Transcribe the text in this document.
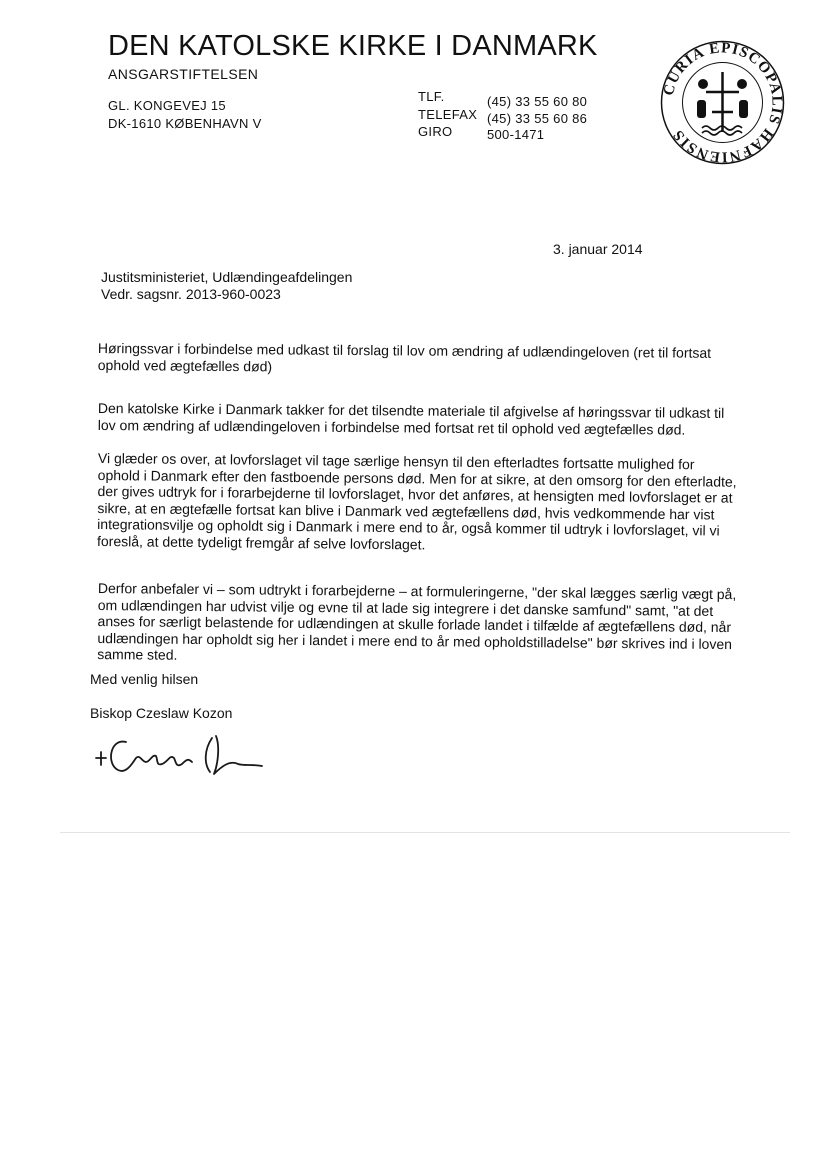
DEN KATOLSKE KIRKE I DANMARK
ANSGARSTIFTELSEN
GL. KONGEVEJ 15
DK-1610 KØBENHAVN V
TLF.	(45) 33 55 60 80
TELEFAX (45) 33 55 60 86
GIRO	500-1471
CURIA EPISCOPALIS HAFNIENSIS
3. januar 2014
Justitsministeriet, Udlændingeafdelingen
Vedr. sagsnr. 2013-960-0023
Høringssvar i forbindelse med udkast til forslag til lov om ændring af udlændingeloven (ret til fortsat ophold ved ægtefælles død)
Den katolske Kirke i Danmark takker for det tilsendte materiale til afgivelse af høringssvar til udkast til lov om ændring af udlændingeloven i forbindelse med fortsat ret til ophold ved ægtefælles død.
Vi glæder os over, at lovforslaget vil tage særlige hensyn til den efterladtes fortsatte mulighed for ophold i Danmark efter den fastboende persons død. Men for at sikre, at den omsorg for den efterladte, der gives udtryk for i forarbejderne til lovforslaget, hvor det anføres, at hensigten med lovforslaget er at sikre, at en ægtefælle fortsat kan blive i Danmark ved ægtefællens død, hvis vedkommende har vist integrationsvilje og opholdt sig i Danmark i mere end to år, også kommer til udtryk i lovforslaget, vil vi foreslå, at dette tydeligt fremgår af selve lovforslaget.
Derfor anbefaler vi – som udtrykt i forarbejderne – at formuleringerne, "der skal lægges særlig vægt på, om udlændingen har udvist vilje og evne til at lade sig integrere i det danske samfund" samt, "at det anses for særligt belastende for udlændingen at skulle forlade landet i tilfælde af ægtefællens død, når udlændingen har opholdt sig her i landet i mere end to år med opholdstilladelse" bør skrives ind i loven samme sted.
Med venlig hilsen
Biskop Czeslaw Kozon
